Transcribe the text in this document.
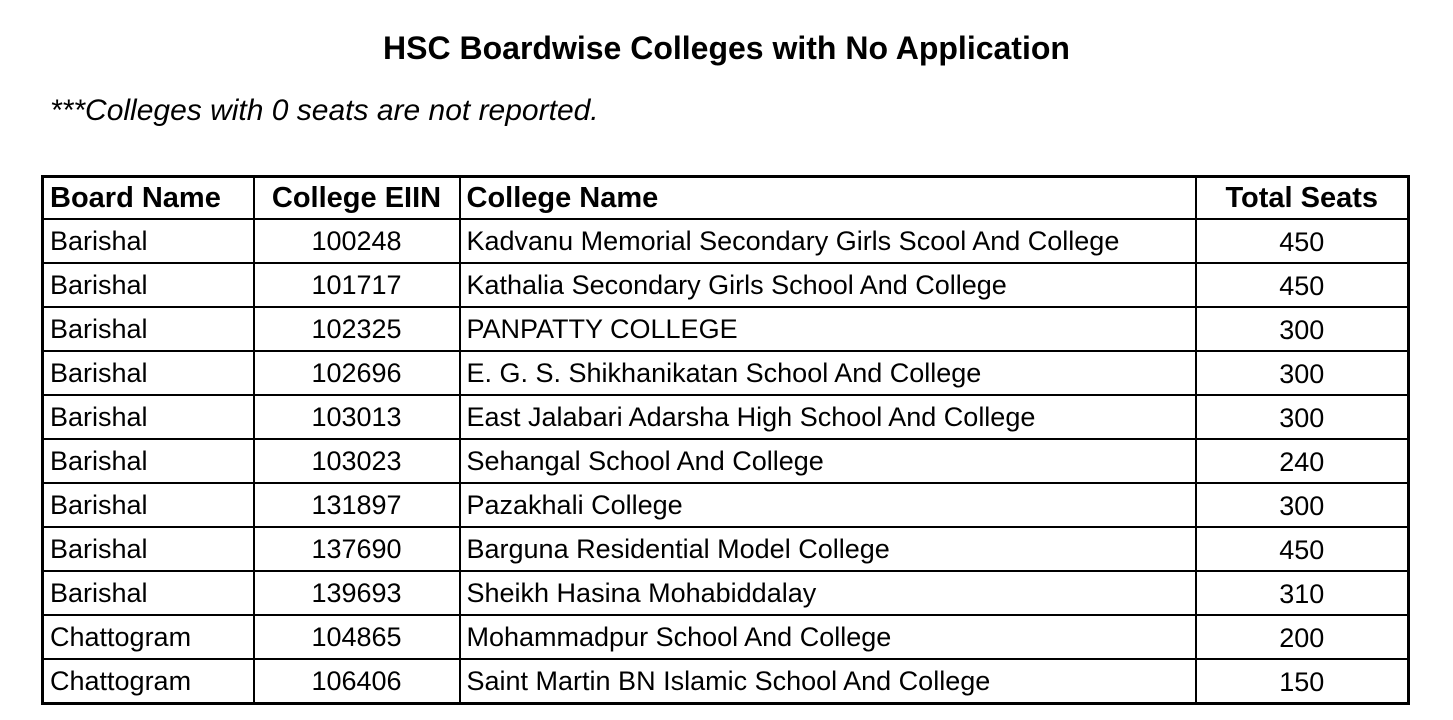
HSC Boardwise Colleges with No Application
***Colleges with 0 seats are not reported.
Board Name	College EIIN	College Name	Total Seats
Barishal	100248	Kadvanu Memorial Secondary Girls Scool And College	450
Barishal	101717	Kathalia Secondary Girls School And College	450
Barishal	102325	PANPATTY COLLEGE	300
Barishal	102696	E. G. S. Shikhanikatan School And College	300
Barishal	103013	East Jalabari Adarsha High School And College	300
Barishal	103023	Sehangal School And College	240
Barishal	131897	Pazakhali College	300
Barishal	137690	Barguna Residential Model College	450
Barishal	139693	Sheikh Hasina Mohabiddalay	310
Chattogram	104865	Mohammadpur School And College	200
Chattogram	106406	Saint Martin BN Islamic School And College	150
